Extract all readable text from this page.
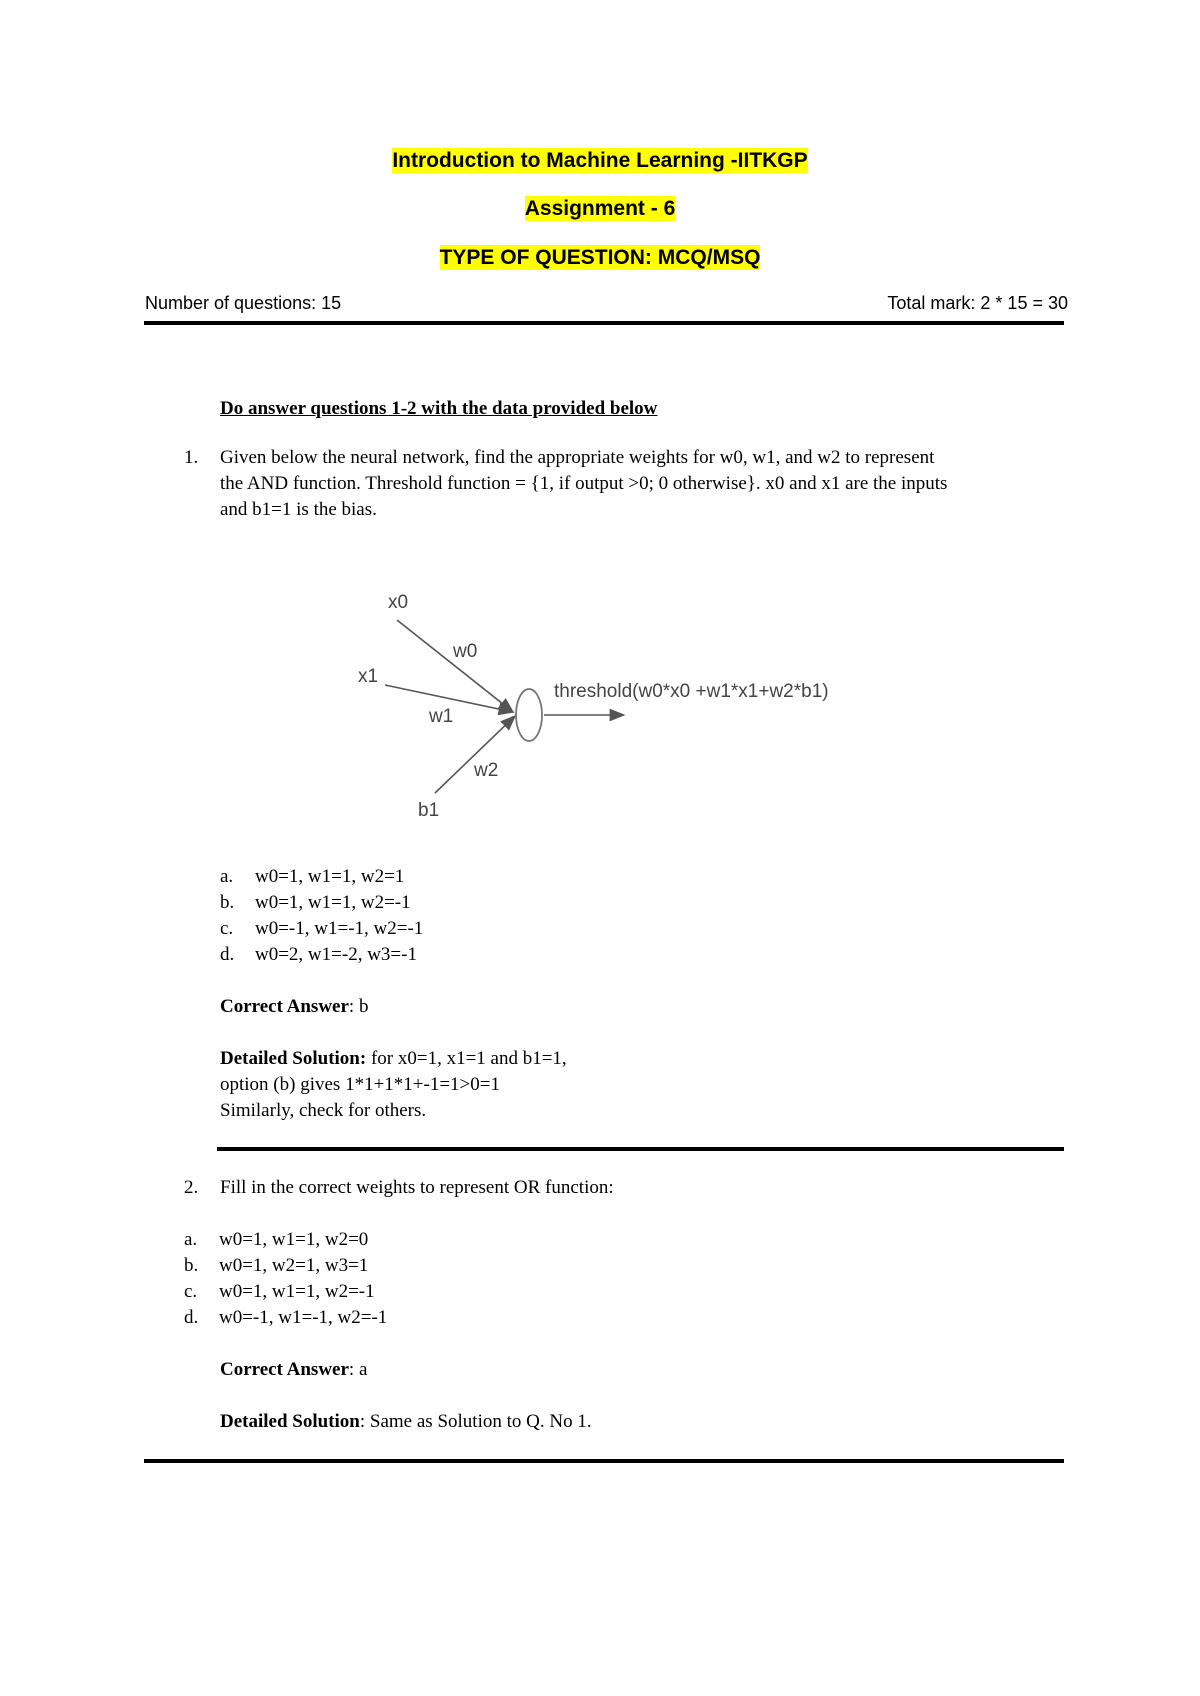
Introduction to Machine Learning -IITKGP
Assignment - 6
TYPE OF QUESTION: MCQ/MSQ
Number of questions: 15	Total mark: 2 * 15 = 30
Do answer questions 1-2 with the data provided below
1. Given below the neural network, find the appropriate weights for w0, w1, and w2 to represent
the AND function. Threshold function = {1, if output >0; 0 otherwise}. x0 and x1 are the inputs
and b1=1 is the bias.
x0
x1
b1
w0
w1
w2
threshold(w0*x0 +w1*x1+w2*b1)
a. w0=1, w1=1, w2=1
b. w0=1, w1=1, w2=-1
c. w0=-1, w1=-1, w2=-1
d. w0=2, w1=-2, w3=-1
Correct Answer: b
Detailed Solution: for x0=1, x1=1 and b1=1,
option (b) gives 1*1+1*1+-1=1>0=1
Similarly, check for others.
2. Fill in the correct weights to represent OR function:
a. w0=1, w1=1, w2=0
b. w0=1, w2=1, w3=1
c. w0=1, w1=1, w2=-1
d. w0=-1, w1=-1, w2=-1
Correct Answer: a
Detailed Solution: Same as Solution to Q. No 1.
